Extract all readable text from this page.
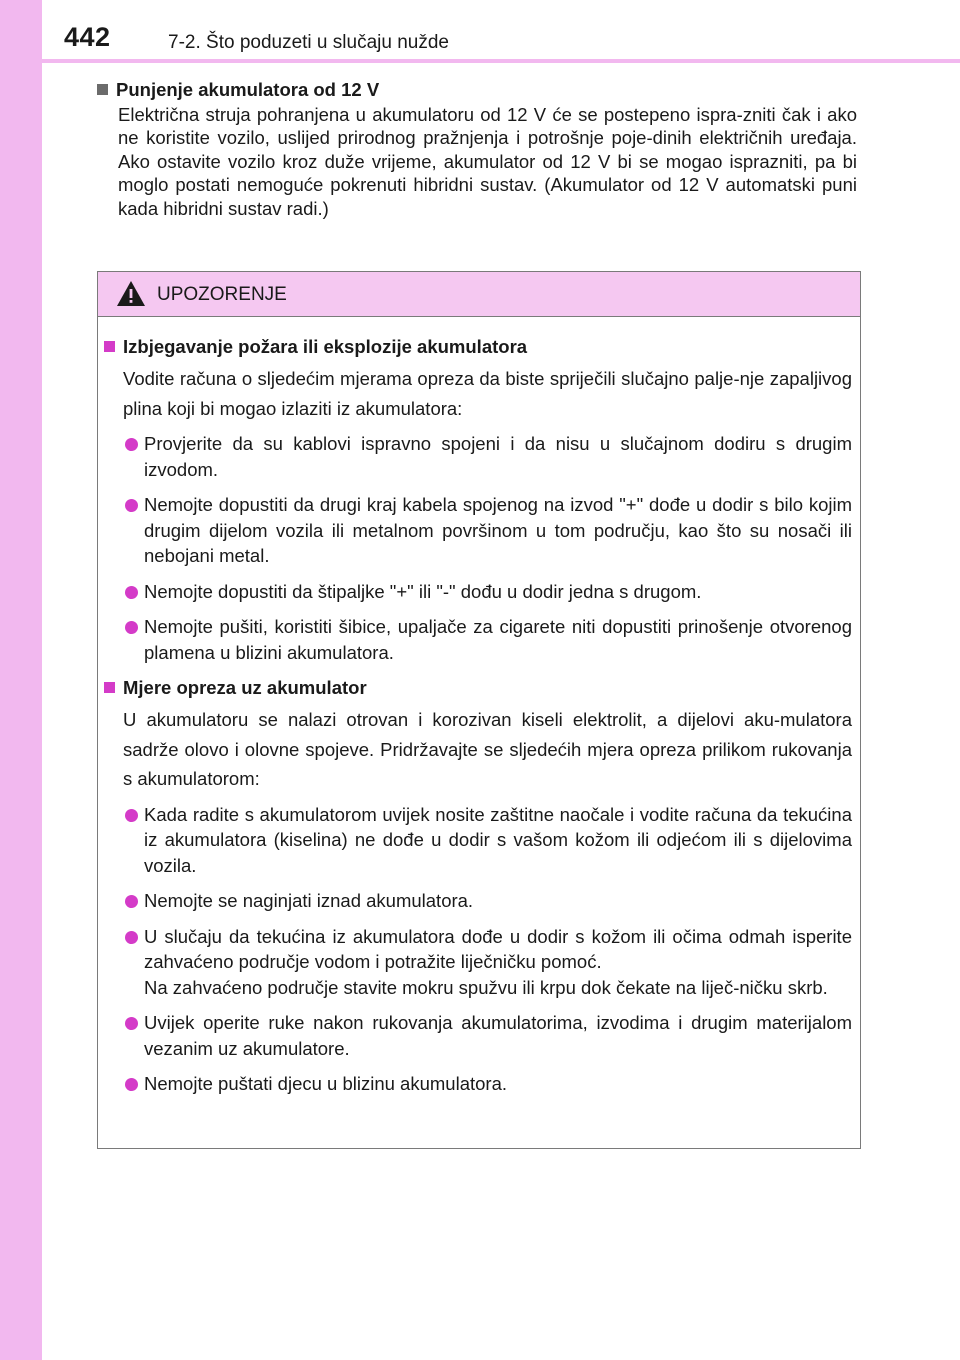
442	7-2. Što poduzeti u slučaju nužde

Punjenje akumulatora od 12 V

Električna struja pohranjena u akumulatoru od 12 V će se postepeno ispra-zniti čak i ako ne koristite vozilo, uslijed prirodnog pražnjenja i potrošnje poje-dinih električnih uređaja. Ako ostavite vozilo kroz duže vrijeme, akumulator od 12 V bi se mogao isprazniti, pa bi moglo postati nemoguće pokrenuti hibridni sustav. (Akumulator od 12 V automatski puni kada hibridni sustav radi.)

UPOZORENJE

Izbjegavanje požara ili eksplozije akumulatora

Vodite računa o sljedećim mjerama opreza da biste spriječili slučajno palje-nje zapaljivog plina koji bi mogao izlaziti iz akumulatora:

Provjerite da su kablovi ispravno spojeni i da nisu u slučajnom dodiru s drugim izvodom.
Nemojte dopustiti da drugi kraj kabela spojenog na izvod "+" dođe u dodir s bilo kojim drugim dijelom vozila ili metalnom površinom u tom području, kao što su nosači ili nebojani metal.
Nemojte dopustiti da štipaljke "+" ili "-" dođu u dodir jedna s drugom.
Nemojte pušiti, koristiti šibice, upaljače za cigarete niti dopustiti prinošenje otvorenog plamena u blizini akumulatora.

Mjere opreza uz akumulator

U akumulatoru se nalazi otrovan i korozivan kiseli elektrolit, a dijelovi aku-mulatora sadrže olovo i olovne spojeve. Pridržavajte se sljedećih mjera opreza prilikom rukovanja s akumulatorom:

Kada radite s akumulatorom uvijek nosite zaštitne naočale i vodite računa da tekućina iz akumulatora (kiselina) ne dođe u dodir s vašom kožom ili odjećom ili s dijelovima vozila.
Nemojte se naginjati iznad akumulatora.
U slučaju da tekućina iz akumulatora dođe u dodir s kožom ili očima odmah isperite zahvaćeno područje vodom i potražite liječničku pomoć.
Na zahvaćeno područje stavite mokru spužvu ili krpu dok čekate na liječ-ničku skrb.
Uvijek operite ruke nakon rukovanja akumulatorima, izvodima i drugim materijalom vezanim uz akumulatore.
Nemojte puštati djecu u blizinu akumulatora.
